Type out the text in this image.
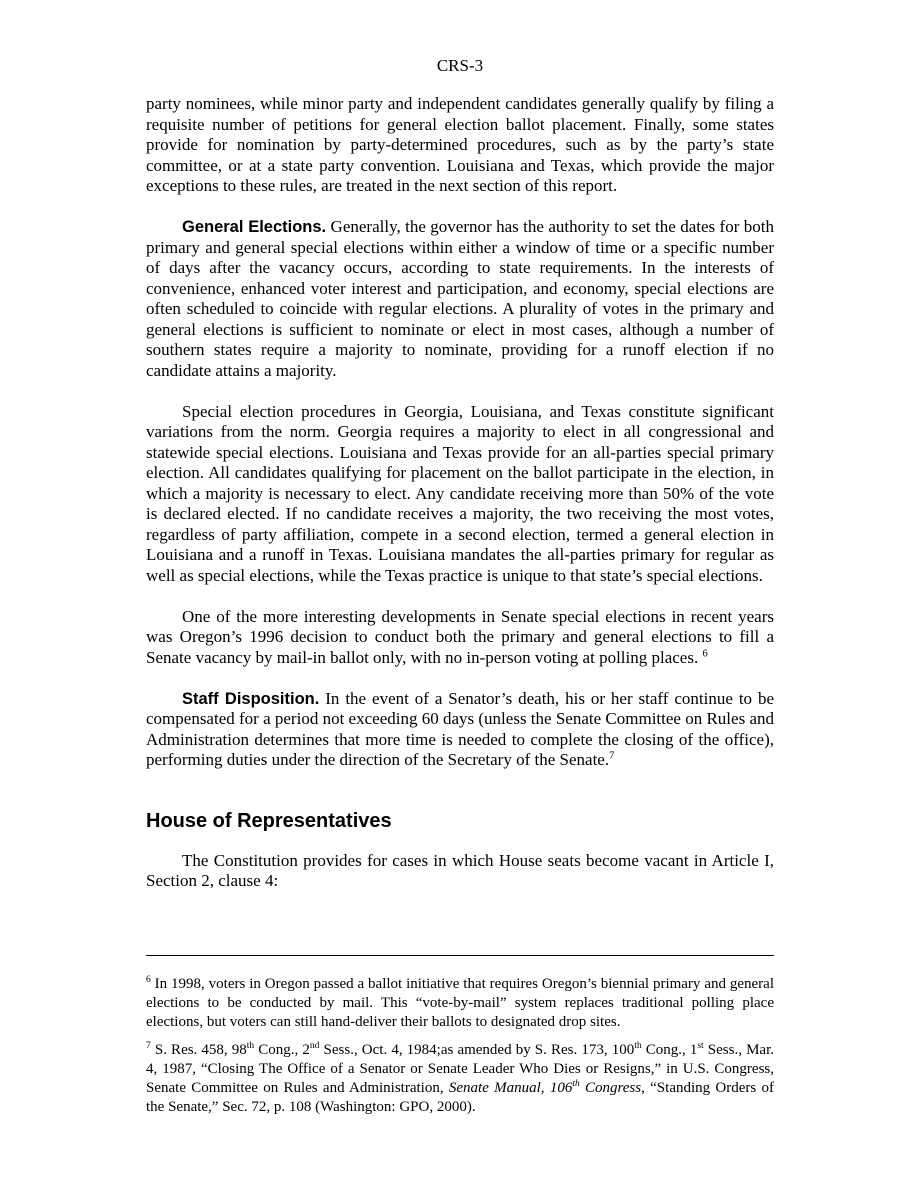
CRS-3

party nominees, while minor party and independent candidates generally qualify by filing a requisite number of petitions for general election ballot placement. Finally, some states provide for nomination by party-determined procedures, such as by the party’s state committee, or at a state party convention. Louisiana and Texas, which provide the major exceptions to these rules, are treated in the next section of this report.

General Elections. Generally, the governor has the authority to set the dates for both primary and general special elections within either a window of time or a specific number of days after the vacancy occurs, according to state requirements. In the interests of convenience, enhanced voter interest and participation, and economy, special elections are often scheduled to coincide with regular elections. A plurality of votes in the primary and general elections is sufficient to nominate or elect in most cases, although a number of southern states require a majority to nominate, providing for a runoff election if no candidate attains a majority.

Special election procedures in Georgia, Louisiana, and Texas constitute significant variations from the norm. Georgia requires a majority to elect in all congressional and statewide special elections. Louisiana and Texas provide for an all-parties special primary election. All candidates qualifying for placement on the ballot participate in the election, in which a majority is necessary to elect. Any candidate receiving more than 50% of the vote is declared elected. If no candidate receives a majority, the two receiving the most votes, regardless of party affiliation, compete in a second election, termed a general election in Louisiana and a runoff in Texas. Louisiana mandates the all-parties primary for regular as well as special elections, while the Texas practice is unique to that state’s special elections.

One of the more interesting developments in Senate special elections in recent years was Oregon’s 1996 decision to conduct both the primary and general elections to fill a Senate vacancy by mail-in ballot only, with no in-person voting at polling places. $^6$

Staff Disposition. In the event of a Senator’s death, his or her staff continue to be compensated for a period not exceeding 60 days (unless the Senate Committee on Rules and Administration determines that more time is needed to complete the closing of the office), performing duties under the direction of the Secretary of the Senate.$^7$

House of Representatives

The Constitution provides for cases in which House seats become vacant in Article I, Section 2, clause 4:

$^6$ In 1998, voters in Oregon passed a ballot initiative that requires Oregon’s biennial primary and general elections to be conducted by mail. This “vote-by-mail” system replaces traditional polling place elections, but voters can still hand-deliver their ballots to designated drop sites.

$^7$ S. Res. 458, 98th Cong., 2nd Sess., Oct. 4, 1984;as amended by S. Res. 173, 100th Cong., 1st Sess., Mar. 4, 1987, “Closing The Office of a Senator or Senate Leader Who Dies or Resigns,” in U.S. Congress, Senate Committee on Rules and Administration, Senate Manual, 106th Congress, “Standing Orders of the Senate,” Sec. 72, p. 108 (Washington: GPO, 2000).
